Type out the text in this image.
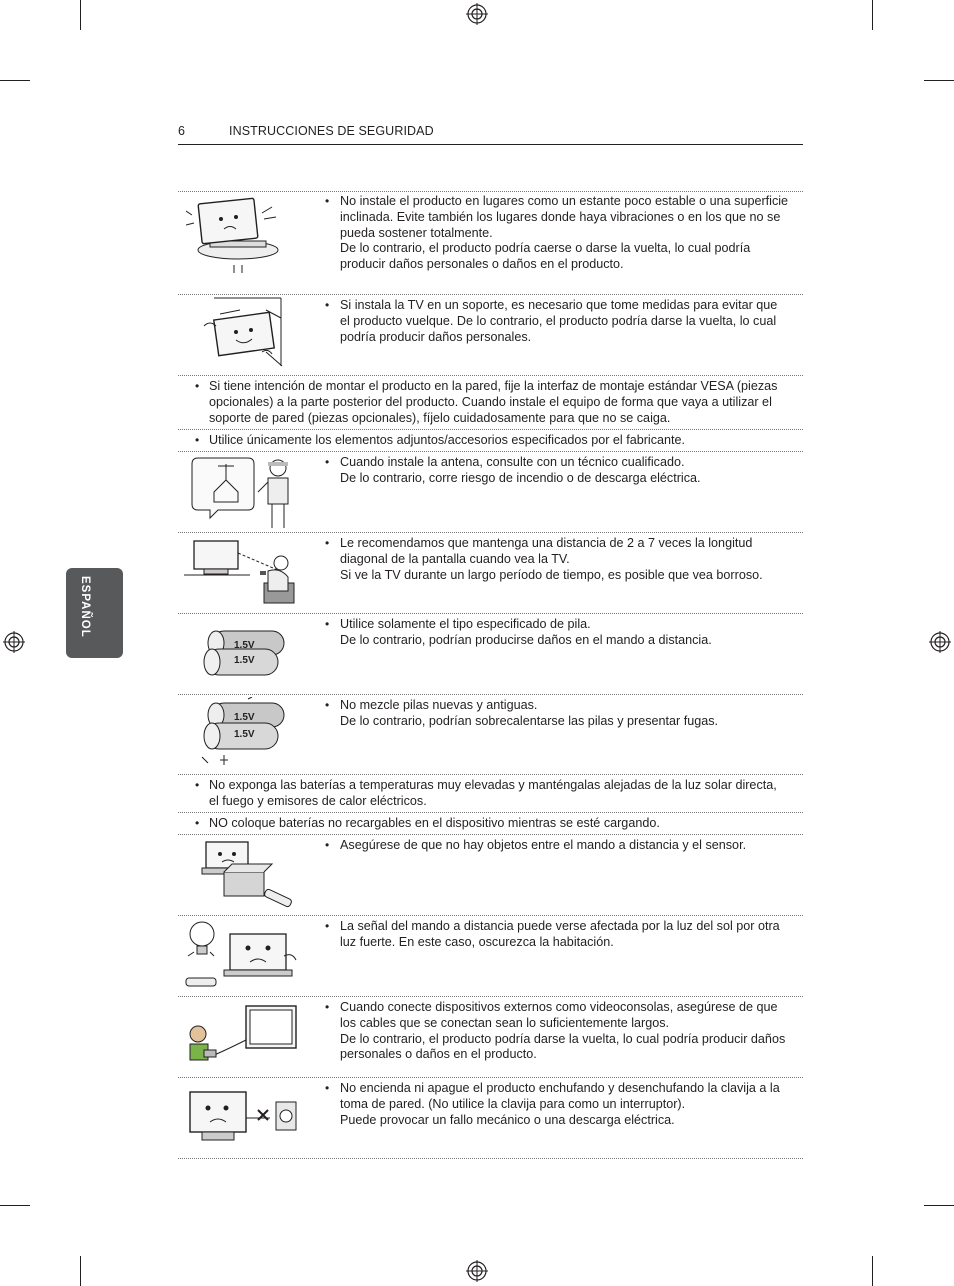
6	INSTRUCCIONES DE SEGURIDAD
ESPAÑOL
• No instale el producto en lugares como un estante poco estable o una superficie inclinada. Evite también los lugares donde haya vibraciones o en los que no se pueda sostener totalmente.
De lo contrario, el producto podría caerse o darse la vuelta, lo cual podría producir daños personales o daños en el producto.
• Si instala la TV en un soporte, es necesario que tome medidas para evitar que el producto vuelque. De lo contrario, el producto podría darse la vuelta, lo cual podría producir daños personales.
• Si tiene intención de montar el producto en la pared, fije la interfaz de montaje estándar VESA (piezas opcionales) a la parte posterior del producto. Cuando instale el equipo de forma que vaya a utilizar el soporte de pared (piezas opcionales), fíjelo cuidadosamente para que no se caiga.
• Utilice únicamente los elementos adjuntos/accesorios especificados por el fabricante.
• Cuando instale la antena, consulte con un técnico cualificado.
De lo contrario, corre riesgo de incendio o de descarga eléctrica.
• Le recomendamos que mantenga una distancia de 2 a 7 veces la longitud diagonal de la pantalla cuando vea la TV.
Si ve la TV durante un largo período de tiempo, es posible que vea borroso.
• Utilice solamente el tipo especificado de pila.
De lo contrario, podrían producirse daños en el mando a distancia.
1.5V
1.5V
• No mezcle pilas nuevas y antiguas.
De lo contrario, podrían sobrecalentarse las pilas y presentar fugas.
1.5V
1.5V
• No exponga las baterías a temperaturas muy elevadas y manténgalas alejadas de la luz solar directa, el fuego y emisores de calor eléctricos.
• NO coloque baterías no recargables en el dispositivo mientras se esté cargando.
• Asegúrese de que no hay objetos entre el mando a distancia y el sensor.
• La señal del mando a distancia puede verse afectada por la luz del sol por otra luz fuerte. En este caso, oscurezca la habitación.
• Cuando conecte dispositivos externos como videoconsolas, asegúrese de que los cables que se conectan sean lo suficientemente largos.
De lo contrario, el producto podría darse la vuelta, lo cual podría producir daños personales o daños en el producto.
• No encienda ni apague el producto enchufando y desenchufando la clavija a la toma de pared. (No utilice la clavija para como un interruptor).
Puede provocar un fallo mecánico o una descarga eléctrica.
